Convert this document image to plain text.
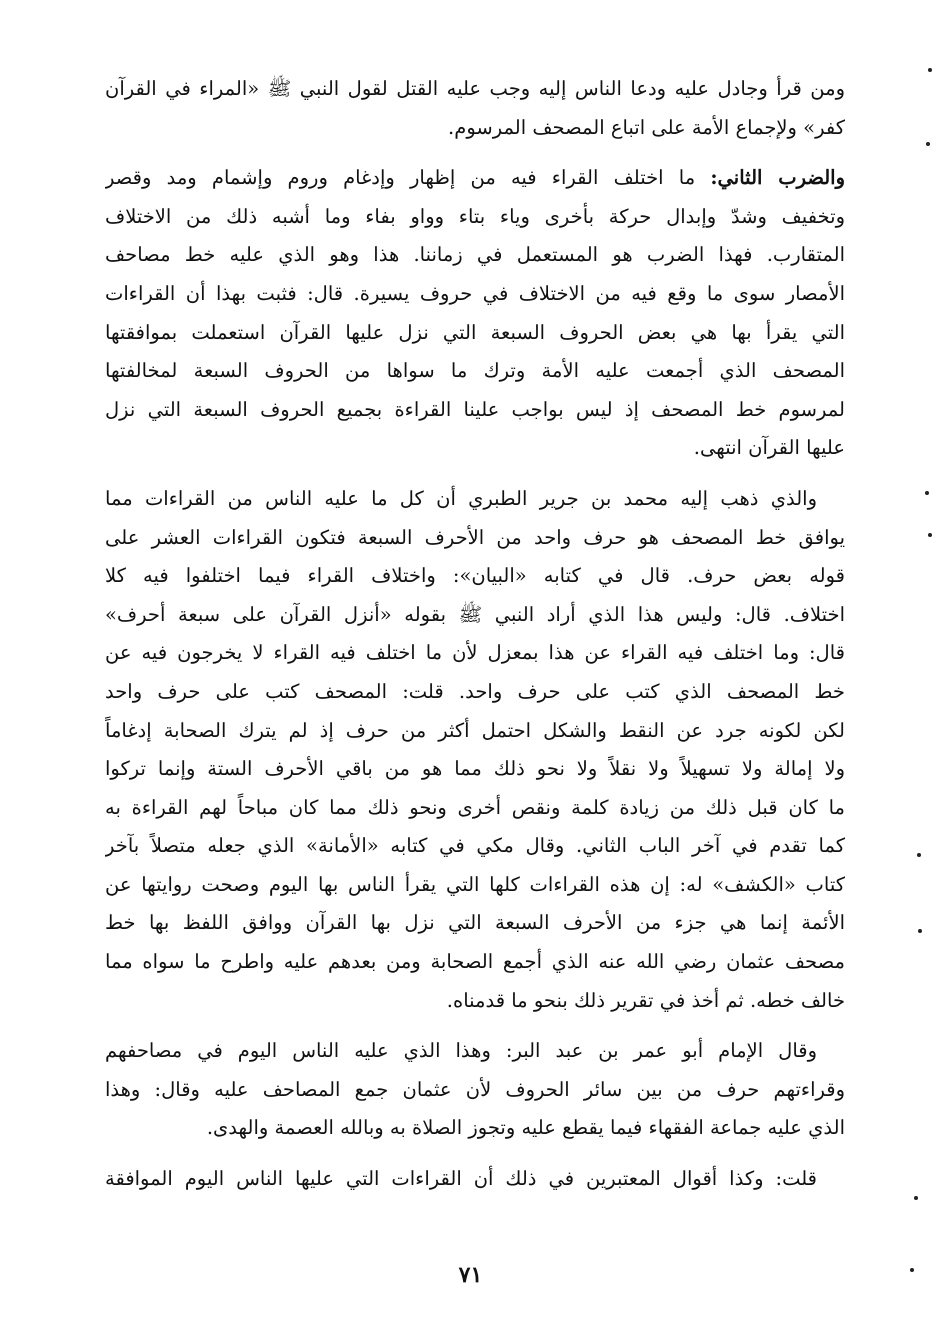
ومن قرأ وجادل عليه ودعا الناس إليه وجب عليه القتل لقول النبي ﷺ «المراء في القرآن
كفر» ولإجماع الأمة على اتباع المصحف المرسوم.
والضرب الثاني: ما اختلف القراء فيه من إظهار وإدغام وروم وإشمام ومد وقصر
وتخفيف وشدّ وإبدال حركة بأخرى وياء بتاء وواو بفاء وما أشبه ذلك من الاختلاف
المتقارب. فهذا الضرب هو المستعمل في زماننا. هذا وهو الذي عليه خط مصاحف
الأمصار سوى ما وقع فيه من الاختلاف في حروف يسيرة. قال: فثبت بهذا أن القراءات
التي يقرأ بها هي بعض الحروف السبعة التي نزل عليها القرآن استعملت بموافقتها
المصحف الذي أجمعت عليه الأمة وترك ما سواها من الحروف السبعة لمخالفتها
لمرسوم خط المصحف إذ ليس بواجب علينا القراءة بجميع الحروف السبعة التي نزل
عليها القرآن انتهى.
والذي ذهب إليه محمد بن جرير الطبري أن كل ما عليه الناس من القراءات مما
يوافق خط المصحف هو حرف واحد من الأحرف السبعة فتكون القراءات العشر على
قوله بعض حرف. قال في كتابه «البيان»: واختلاف القراء فيما اختلفوا فيه كلا
اختلاف. قال: وليس هذا الذي أراد النبي ﷺ بقوله «أنزل القرآن على سبعة أحرف»
قال: وما اختلف فيه القراء عن هذا بمعزل لأن ما اختلف فيه القراء لا يخرجون فيه عن
خط المصحف الذي كتب على حرف واحد. قلت: المصحف كتب على حرف واحد
لكن لكونه جرد عن النقط والشكل احتمل أكثر من حرف إذ لم يترك الصحابة إدغاماً
ولا إمالة ولا تسهيلاً ولا نقلاً ولا نحو ذلك مما هو من باقي الأحرف الستة وإنما تركوا
ما كان قبل ذلك من زيادة كلمة ونقص أخرى ونحو ذلك مما كان مباحاً لهم القراءة به
كما تقدم في آخر الباب الثاني. وقال مكي في كتابه «الأمانة» الذي جعله متصلاً بآخر
كتاب «الكشف» له: إن هذه القراءات كلها التي يقرأ الناس بها اليوم وصحت روايتها عن
الأئمة إنما هي جزء من الأحرف السبعة التي نزل بها القرآن ووافق اللفظ بها خط
مصحف عثمان رضي الله عنه الذي أجمع الصحابة ومن بعدهم عليه واطرح ما سواه مما
خالف خطه. ثم أخذ في تقرير ذلك بنحو ما قدمناه.
وقال الإمام أبو عمر بن عبد البر: وهذا الذي عليه الناس اليوم في مصاحفهم
وقراءتهم حرف من بين سائر الحروف لأن عثمان جمع المصاحف عليه وقال: وهذا
الذي عليه جماعة الفقهاء فيما يقطع عليه وتجوز الصلاة به وبالله العصمة والهدى.
قلت: وكذا أقوال المعتبرين في ذلك أن القراءات التي عليها الناس اليوم الموافقة
٧١
